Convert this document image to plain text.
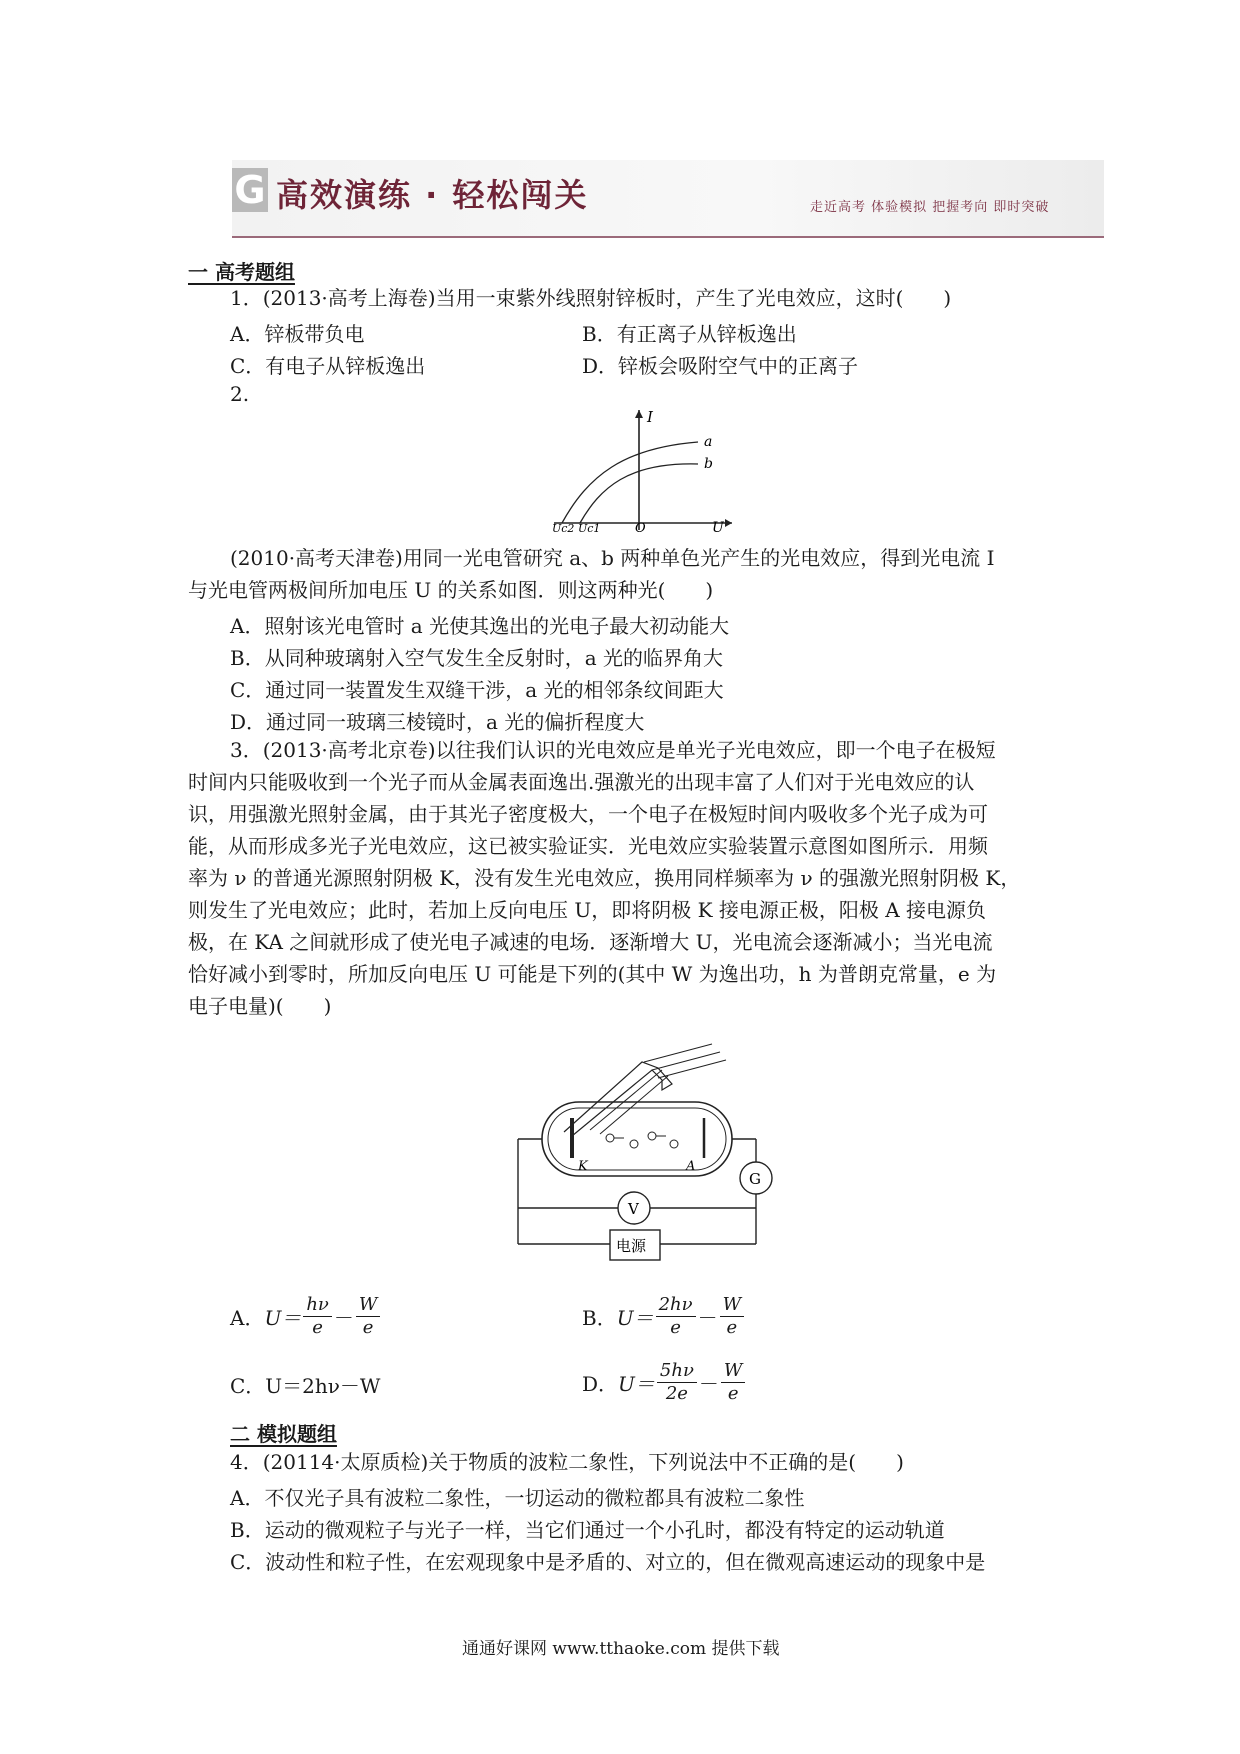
G 高效演练 · 轻松闯关	走近高考 体验模拟 把握考向 即时突破
一 高考题组
1．(2013·高考上海卷)当用一束紫外线照射锌板时，产生了光电效应，这时(　　)
A．锌板带负电	B．有正离子从锌板逸出
C．有电子从锌板逸出	D．锌板会吸附空气中的正离子
2.
I
a
b
O	U
Uc2 Uc1
(2010·高考天津卷)用同一光电管研究 a、b 两种单色光产生的光电效应，得到光电流 I
与光电管两极间所加电压 U 的关系如图．则这两种光(　　)
A．照射该光电管时 a 光使其逸出的光电子最大初动能大
B．从同种玻璃射入空气发生全反射时，a 光的临界角大
C．通过同一装置发生双缝干涉，a 光的相邻条纹间距大
D．通过同一玻璃三棱镜时，a 光的偏折程度大
3．(2013·高考北京卷)以往我们认识的光电效应是单光子光电效应，即一个电子在极短
时间内只能吸收到一个光子而从金属表面逸出.强激光的出现丰富了人们对于光电效应的认
识，用强激光照射金属，由于其光子密度极大，一个电子在极短时间内吸收多个光子成为可
能，从而形成多光子光电效应，这已被实验证实．光电效应实验装置示意图如图所示．用频
率为 ν 的普通光源照射阴极 K，没有发生光电效应，换用同样频率为 ν 的强激光照射阴极 K，
则发生了光电效应；此时，若加上反向电压 U，即将阴极 K 接电源正极，阳极 A 接电源负
极，在 KA 之间就形成了使光电子减速的电场．逐渐增大 U，光电流会逐渐减小；当光电流
恰好减小到零时，所加反向电压 U 可能是下列的(其中 W 为逸出功，h 为普朗克常量，e 为
电子电量)(　　)
K	A
G
V
电源
A． $U= \frac{h\nu}{e} - \frac{W}{e}$	B． $U= \frac{2h\nu}{e} - \frac{W}{e}$
C．U＝2hν－W	D． $U= \frac{5h\nu}{2e} - \frac{W}{e}$
二 模拟题组
4．(20114·太原质检)关于物质的波粒二象性，下列说法中不正确的是(　　)
A．不仅光子具有波粒二象性，一切运动的微粒都具有波粒二象性
B．运动的微观粒子与光子一样，当它们通过一个小孔时，都没有特定的运动轨道
C．波动性和粒子性，在宏观现象中是矛盾的、对立的，但在微观高速运动的现象中是
通通好课网 www.tthaoke.com 提供下载
